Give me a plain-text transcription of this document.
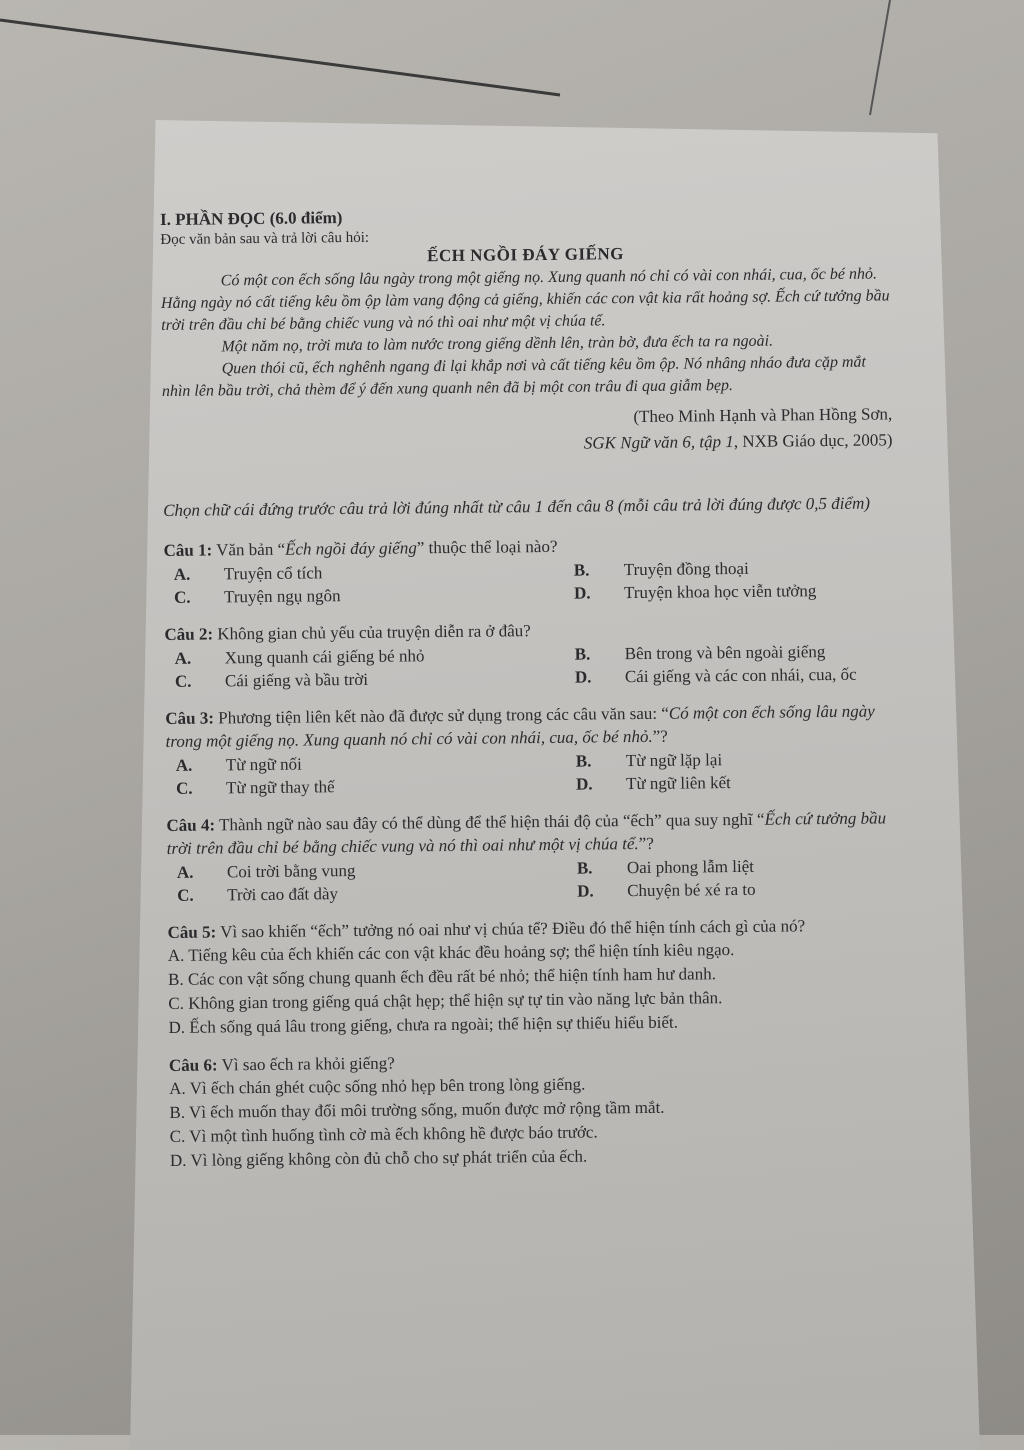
I. PHẦN ĐỌC (6.0 điểm)

Đọc văn bản sau và trả lời câu hỏi:

ẾCH NGỒI ĐÁY GIẾNG

Có một con ếch sống lâu ngày trong một giếng nọ. Xung quanh nó chỉ có vài con nhái, cua, ốc bé nhỏ. Hằng ngày nó cất tiếng kêu ồm ộp làm vang động cả giếng, khiến các con vật kia rất hoảng sợ. Ếch cứ tưởng bầu trời trên đầu chỉ bé bằng chiếc vung và nó thì oai như một vị chúa tể.

Một năm nọ, trời mưa to làm nước trong giếng dềnh lên, tràn bờ, đưa ếch ta ra ngoài.

Quen thói cũ, ếch nghênh ngang đi lại khắp nơi và cất tiếng kêu ồm ộp. Nó nhâng nháo đưa cặp mắt nhìn lên bầu trời, chả thèm để ý đến xung quanh nên đã bị một con trâu đi qua giẫm bẹp.

(Theo Minh Hạnh và Phan Hồng Sơn,
SGK Ngữ văn 6, tập 1, NXB Giáo dục, 2005)

Chọn chữ cái đứng trước câu trả lời đúng nhất từ câu 1 đến câu 8 (mỗi câu trả lời đúng được 0,5 điểm)

Câu 1: Văn bản “Ếch ngồi đáy giếng” thuộc thể loại nào?

A. Truyện cổ tích	B. Truyện đồng thoại
C. Truyện ngụ ngôn	D. Truyện khoa học viễn tưởng

Câu 2: Không gian chủ yếu của truyện diễn ra ở đâu?

A. Xung quanh cái giếng bé nhỏ	B. Bên trong và bên ngoài giếng
C. Cái giếng và bầu trời	D. Cái giếng và các con nhái, cua, ốc

Câu 3: Phương tiện liên kết nào đã được sử dụng trong các câu văn sau: “Có một con ếch sống lâu ngày trong một giếng nọ. Xung quanh nó chỉ có vài con nhái, cua, ốc bé nhỏ.”?

A. Từ ngữ nối	B. Từ ngữ lặp lại
C. Từ ngữ thay thế	D. Từ ngữ liên kết

Câu 4: Thành ngữ nào sau đây có thể dùng để thể hiện thái độ của “ếch” qua suy nghĩ “Ếch cứ tưởng bầu trời trên đầu chỉ bé bằng chiếc vung và nó thì oai như một vị chúa tể.”?

A. Coi trời bằng vung	B. Oai phong lẫm liệt
C. Trời cao đất dày	D. Chuyện bé xé ra to

Câu 5: Vì sao khiến “ếch” tưởng nó oai như vị chúa tể? Điều đó thể hiện tính cách gì của nó?

A. Tiếng kêu của ếch khiến các con vật khác đều hoảng sợ; thể hiện tính kiêu ngạo.

B. Các con vật sống chung quanh ếch đều rất bé nhỏ; thể hiện tính ham hư danh.

C. Không gian trong giếng quá chật hẹp; thể hiện sự tự tin vào năng lực bản thân.

D. Ếch sống quá lâu trong giếng, chưa ra ngoài; thể hiện sự thiếu hiểu biết.

Câu 6: Vì sao ếch ra khỏi giếng?

A. Vì ếch chán ghét cuộc sống nhỏ hẹp bên trong lòng giếng.

B. Vì ếch muốn thay đổi môi trường sống, muốn được mở rộng tầm mắt.

C. Vì một tình huống tình cờ mà ếch không hề được báo trước.

D. Vì lòng giếng không còn đủ chỗ cho sự phát triển của ếch.
